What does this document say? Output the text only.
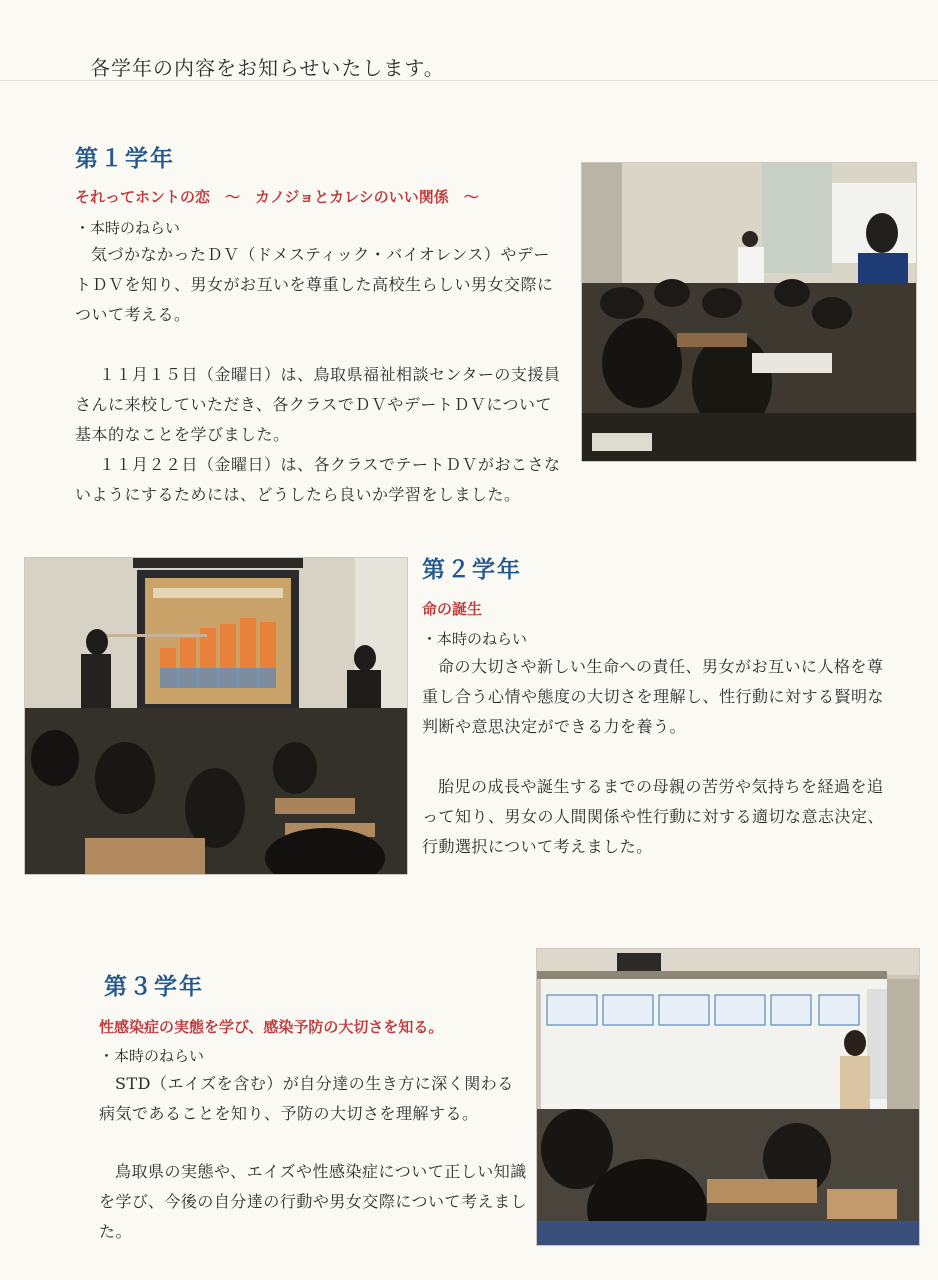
各学年の内容をお知らせいたします。
第１学年
それってホントの恋　～　カノジョとカレシのいい関係　～
・本時のねらい
気づかなかったＤＶ（ドメスティック・バイオレンス）やデートＤＶを知り、男女がお互いを尊重した高校生らしい男女交際について考える。
１１月１５日（金曜日）は、鳥取県福祉相談センターの支援員さんに来校していただき、各クラスでＤＶやデートＤＶについて基本的なことを学びました。
１１月２２日（金曜日）は、各クラスでテートＤＶがおこさないようにするためには、どうしたら良いか学習をしました。
第２学年
命の誕生
・本時のねらい
命の大切さや新しい生命への責任、男女がお互いに人格を尊重し合う心情や態度の大切さを理解し、性行動に対する賢明な判断や意思決定ができる力を養う。
胎児の成長や誕生するまでの母親の苦労や気持ちを経過を追って知り、男女の人間関係や性行動に対する適切な意志決定、行動選択について考えました。
第３学年
性感染症の実態を学び、感染予防の大切さを知る。
・本時のねらい
STD（エイズを含む）が自分達の生き方に深く関わる病気であることを知り、予防の大切さを理解する。
鳥取県の実態や、エイズや性感染症について正しい知識を学び、今後の自分達の行動や男女交際について考えました。
